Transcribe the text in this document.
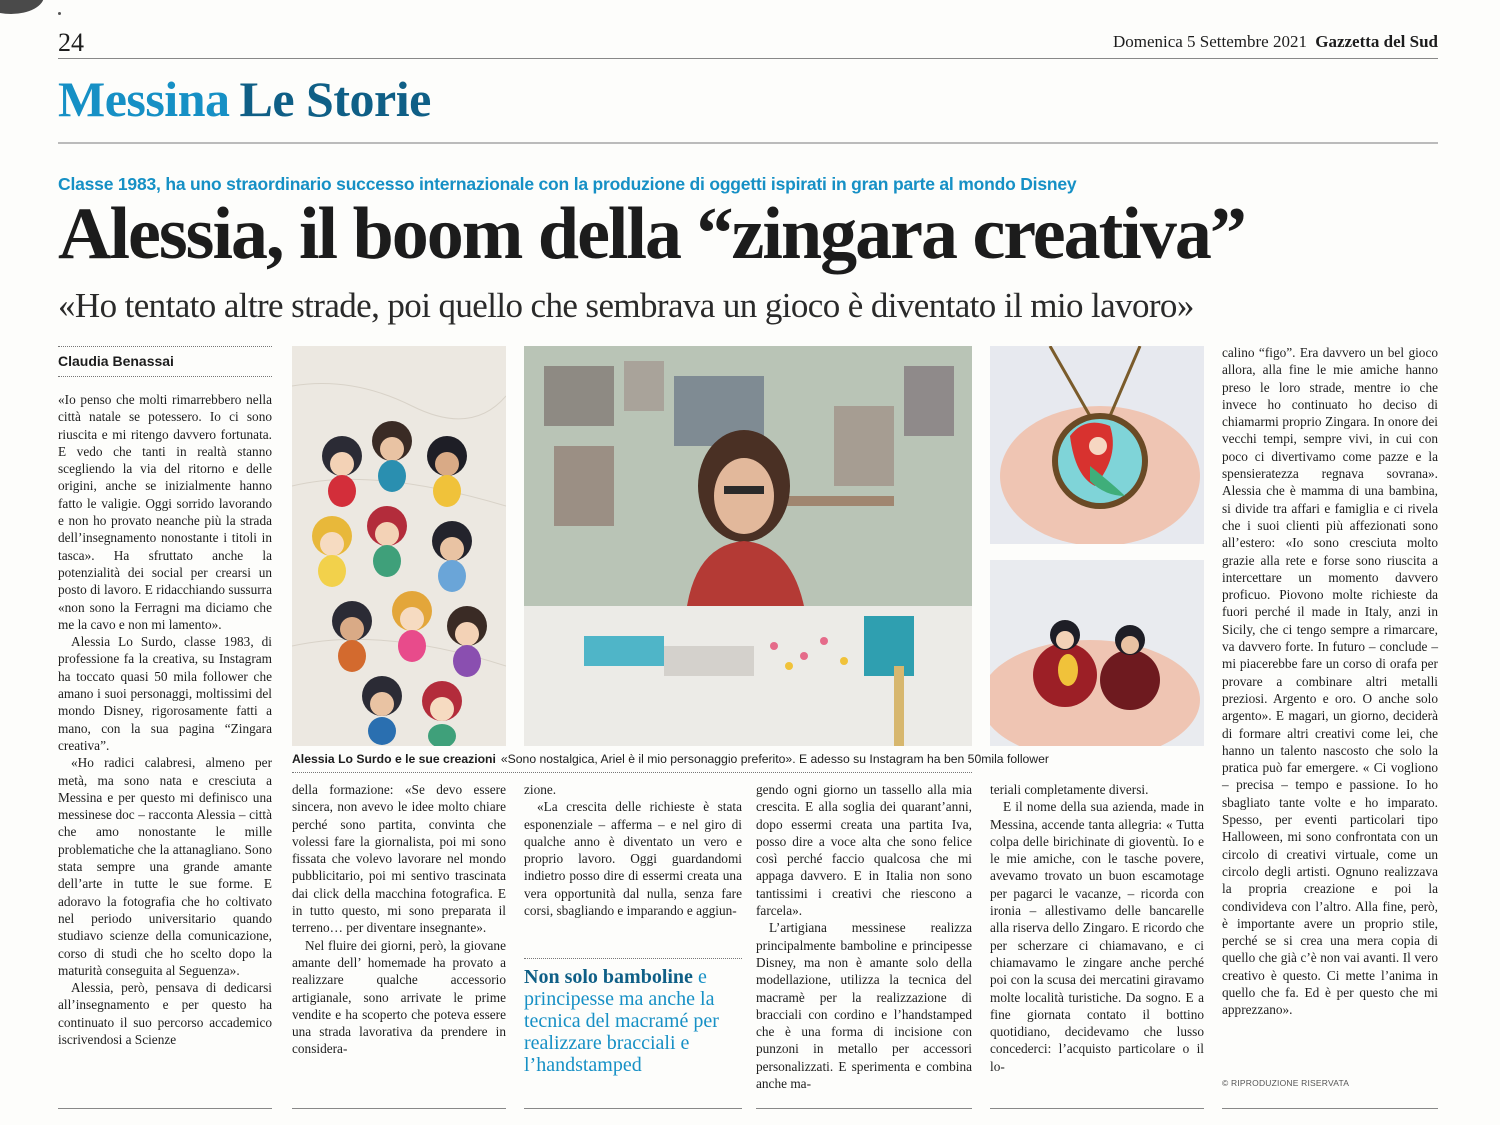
24	Domenica 5 Settembre 2021 Gazzetta del Sud
Messina Le Storie
Classe 1983, ha uno straordinario successo internazionale con la produzione di oggetti ispirati in gran parte al mondo Disney
Alessia, il boom della “zingara creativa”
«Ho tentato altre strade, poi quello che sembrava un gioco è diventato il mio lavoro»
Claudia Benassai

«Io penso che molti rimarrebbero nella città natale se potessero. Io ci sono riuscita e mi ritengo davvero fortunata. E vedo che tanti in realtà stanno scegliendo la via del ritorno e delle origini, anche se inizialmente hanno fatto le valigie. Oggi sorrido lavorando e non ho provato neanche più la strada dell’insegnamento nonostante i titoli in tasca». Ha sfruttato anche la potenzialità dei social per crearsi un posto di lavoro. E ridacchiando sussurra «non sono la Ferragni ma diciamo che me la cavo e non mi lamento».

Alessia Lo Surdo, classe 1983, di professione fa la creativa, su Instagram ha toccato quasi 50 mila follower che amano i suoi personaggi, moltissimi del mondo Disney, rigorosamente fatti a mano, con la sua pagina “Zingara creativa”.

«Ho radici calabresi, almeno per metà, ma sono nata e cresciuta a Messina e per questo mi definisco una messinese doc – racconta Alessia – città che amo nonostante le mille problematiche che la attanagliano. Sono stata sempre una grande amante dell’arte in tutte le sue forme. E adoravo la fotografia che ho coltivato nel periodo universitario quando studiavo scienze della comunicazione, corso di studi che ho scelto dopo la maturità conseguita al Seguenza».

Alessia, però, pensava di dedicarsi all’insegnamento e per questo ha continuato il suo percorso accademico iscrivendosi a Scienze

Alessia Lo Surdo e le sue creazioni «Sono nostalgica, Ariel è il mio personaggio preferito». E adesso su Instagram ha ben 50mila follower

della formazione: «Se devo essere sincera, non avevo le idee molto chiare perché sono partita, convinta che volessi fare la giornalista, poi mi sono fissata che volevo lavorare nel mondo pubblicitario, poi mi sentivo trascinata dai click della macchina fotografica. E in tutto questo, mi sono preparata il terreno… per diventare insegnante».

Nel fluire dei giorni, però, la giovane amante dell’ homemade ha provato a realizzare qualche accessorio artigianale, sono arrivate le prime vendite e ha scoperto che poteva essere una strada lavorativa da prendere in considera-

zione.

«La crescita delle richieste è stata esponenziale – afferma – e nel giro di qualche anno è diventato un vero e proprio lavoro. Oggi guardandomi indietro posso dire di essermi creata una vera opportunità dal nulla, senza fare corsi, sbagliando e imparando e aggiun-

Non solo bamboline e principesse ma anche la tecnica del macramé per realizzare bracciali e l’handstamped

gendo ogni giorno un tassello alla mia crescita. E alla soglia dei quarant’anni, dopo essermi creata una partita Iva, posso dire a voce alta che sono felice così perché faccio qualcosa che mi appaga davvero. E in Italia non sono tantissimi i creativi che riescono a farcela».

L’artigiana messinese realizza principalmente bamboline e principesse Disney, ma non è amante solo della modellazione, utilizza la tecnica del macramè per la realizzazione di bracciali con cordino e l’handstamped che è una forma di incisione con punzoni in metallo per accessori personalizzati. E sperimenta e combina anche ma-

teriali completamente diversi.

E il nome della sua azienda, made in Messina, accende tanta allegria: « Tutta colpa delle birichinate di gioventù. Io e le mie amiche, con le tasche povere, avevamo trovato un buon escamotage per pagarci le vacanze, – ricorda con ironia – allestivamo delle bancarelle alla riserva dello Zingaro. E ricordo che per scherzare ci chiamavano, e ci chiamavamo le zingare anche perché poi con la scusa dei mercatini giravamo molte località turistiche. Da sogno. E a fine giornata contato il bottino quotidiano, decidevamo che lusso concederci: l’acquisto particolare o il lo-

calino “figo”. Era davvero un bel gioco allora, alla fine le mie amiche hanno preso le loro strade, mentre io che invece ho continuato ho deciso di chiamarmi proprio Zingara. In onore dei vecchi tempi, sempre vivi, in cui con poco ci divertivamo come pazze e la spensieratezza regnava sovrana». Alessia che è mamma di una bambina, si divide tra affari e famiglia e ci rivela che i suoi clienti più affezionati sono all’estero: «Io sono cresciuta molto grazie alla rete e forse sono riuscita a intercettare un momento davvero proficuo. Piovono molte richieste da fuori perché il made in Italy, anzi in Sicily, che ci tengo sempre a rimarcare, va davvero forte. In futuro – conclude – mi piacerebbe fare un corso di orafa per provare a combinare altri metalli preziosi. Argento e oro. O anche solo argento». E magari, un giorno, deciderà di formare altri creativi come lei, che hanno un talento nascosto che solo la pratica può far emergere. « Ci vogliono – precisa – tempo e passione. Io ho sbagliato tante volte e ho imparato. Spesso, per eventi particolari tipo Halloween, mi sono confrontata con un circolo di creativi virtuale, come un circolo degli artisti. Ognuno realizzava la propria creazione e poi la condivideva con l’altro. Alla fine, però, è importante avere un proprio stile, perché se si crea una mera copia di quello che già c’è non vai avanti. Il vero creativo è questo. Ci mette l’anima in quello che fa. Ed è per questo che mi apprezzano».

© RIPRODUZIONE RISERVATA
